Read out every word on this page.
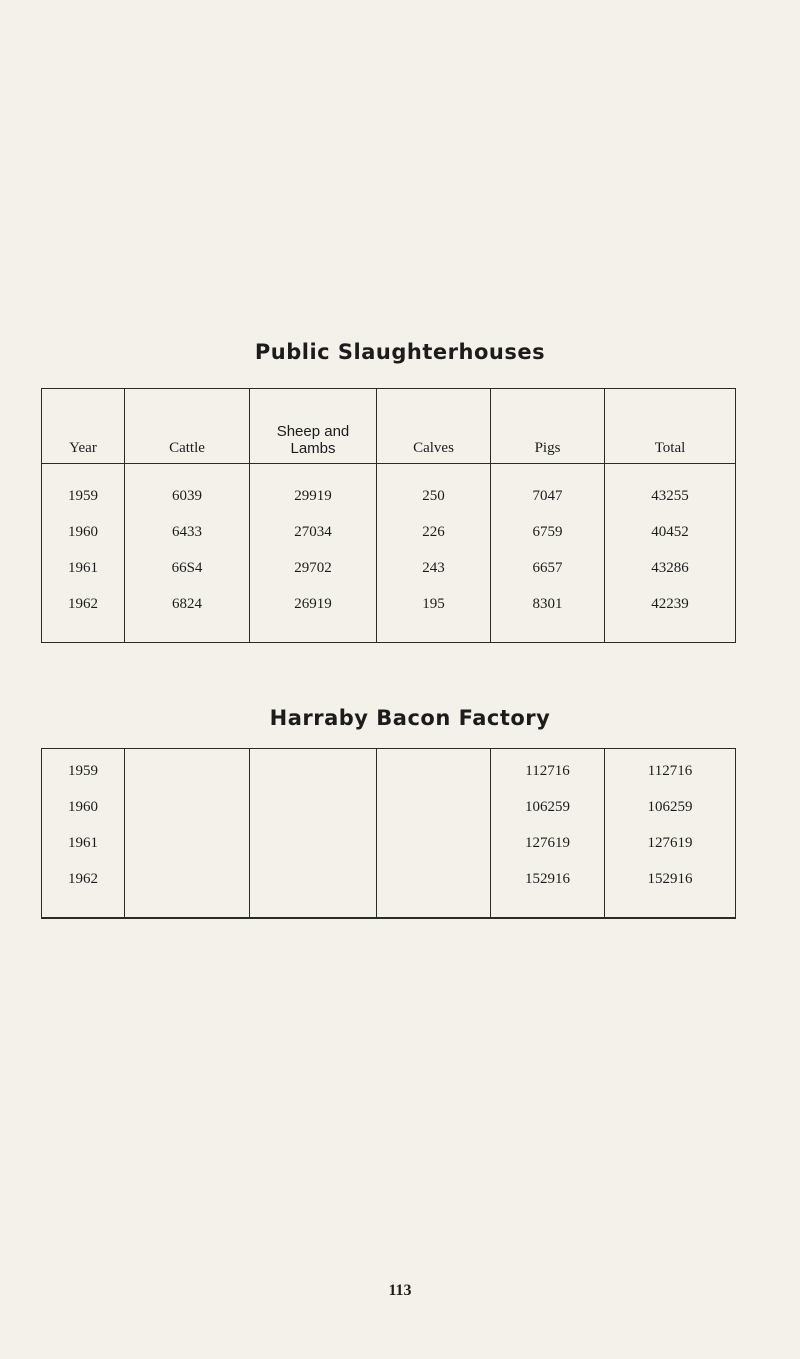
Public Slaughterhouses
Year	Cattle	Sheep and Lambs	Calves	Pigs	Total
1959	6039	29919	250	7047	43255
1960	6433	27034	226	6759	40452
1961	66S4	29702	243	6657	43286
1962	6824	26919	195	8301	42239
Harraby Bacon Factory
1959				112716	112716
1960				106259	106259
1961				127619	127619
1962				152916	152916
113
